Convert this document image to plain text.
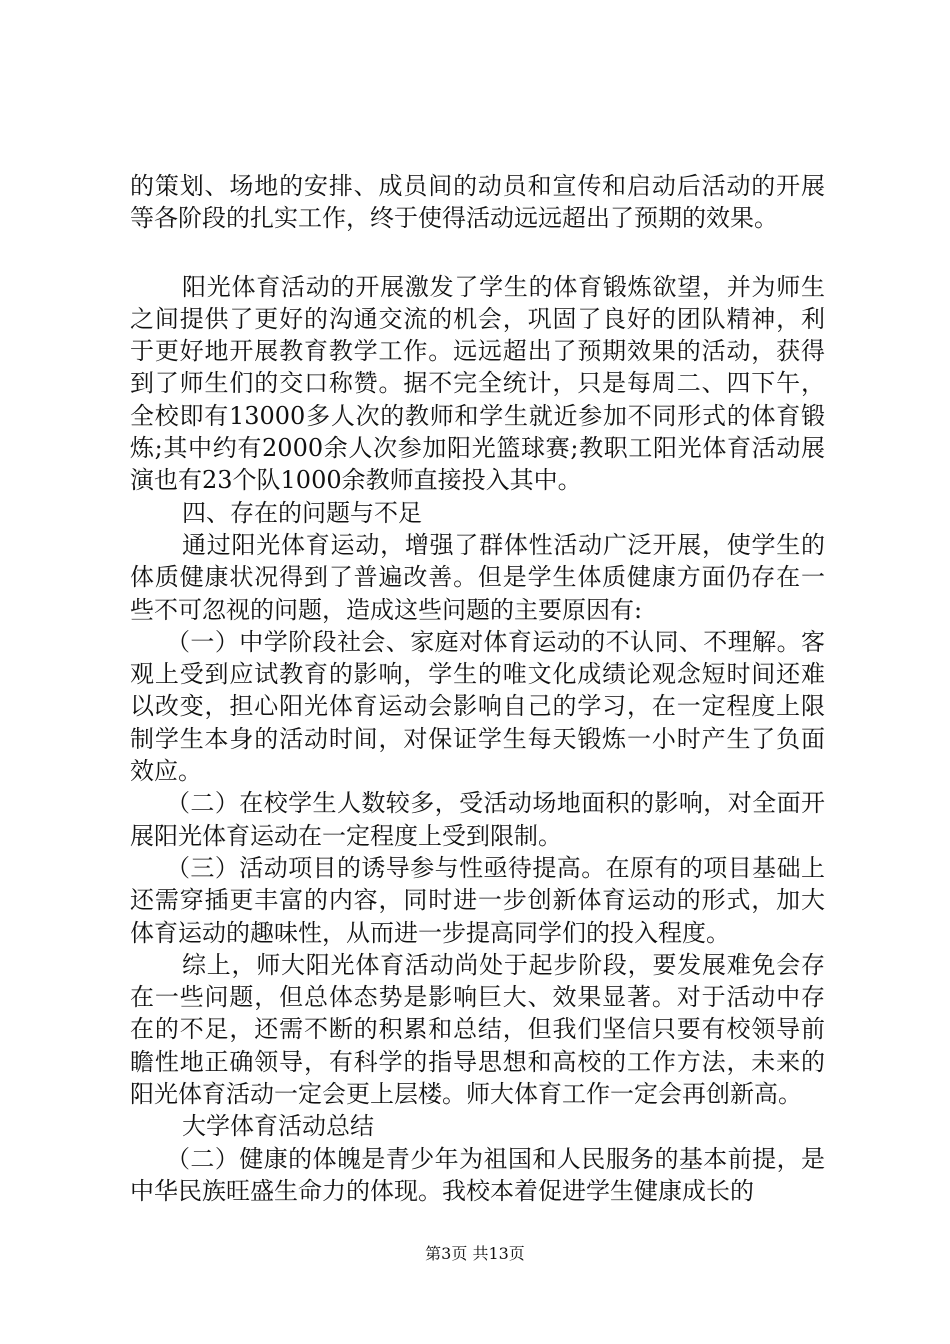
的策划、场地的安排、成员间的动员和宣传和启动后活动的开展等各阶段的扎实工作，终于使得活动远远超出了预期的效果。

阳光体育活动的开展激发了学生的体育锻炼欲望，并为师生之间提供了更好的沟通交流的机会，巩固了良好的团队精神，利于更好地开展教育教学工作。远远超出了预期效果的活动，获得到了师生们的交口称赞。据不完全统计，只是每周二、四下午，全校即有13000多人次的教师和学生就近参加不同形式的体育锻炼;其中约有2000余人次参加阳光篮球赛;教职工阳光体育活动展演也有23个队1000余教师直接投入其中。

四、存在的问题与不足

通过阳光体育运动，增强了群体性活动广泛开展，使学生的体质健康状况得到了普遍改善。但是学生体质健康方面仍存在一些不可忽视的问题，造成这些问题的主要原因有:

（一）中学阶段社会、家庭对体育运动的不认同、不理解。客观上受到应试教育的影响，学生的唯文化成绩论观念短时间还难以改变，担心阳光体育运动会影响自己的学习，在一定程度上限制学生本身的活动时间，对保证学生每天锻炼一小时产生了负面效应。

（二）在校学生人数较多，受活动场地面积的影响，对全面开展阳光体育运动在一定程度上受到限制。

（三）活动项目的诱导参与性亟待提高。在原有的项目基础上还需穿插更丰富的内容，同时进一步创新体育运动的形式，加大体育运动的趣味性，从而进一步提高同学们的投入程度。

综上，师大阳光体育活动尚处于起步阶段，要发展难免会存在一些问题，但总体态势是影响巨大、效果显著。对于活动中存在的不足，还需不断的积累和总结，但我们坚信只要有校领导前瞻性地正确领导，有科学的指导思想和高校的工作方法，未来的阳光体育活动一定会更上层楼。师大体育工作一定会再创新高。

大学体育活动总结

（二）健康的体魄是青少年为祖国和人民服务的基本前提，是中华民族旺盛生命力的体现。我校本着促进学生健康成长的

第3页 共13页
